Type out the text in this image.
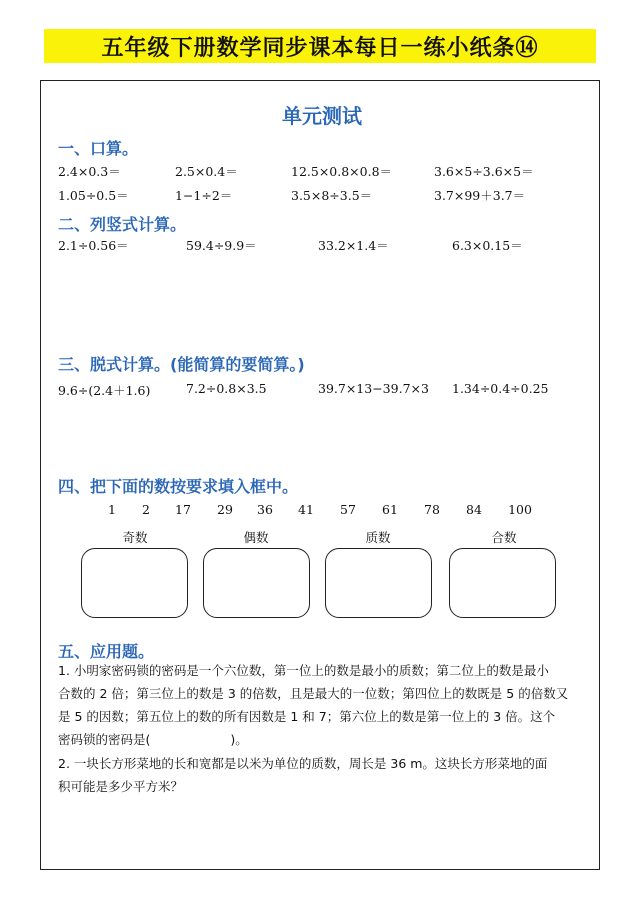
五年级下册数学同步课本每日一练小纸条⑭
单元测试
一、口算。
2.4×0.3＝	2.5×0.4＝	12.5×0.8×0.8＝	3.6×5÷3.6×5＝
1.05÷0.5＝	1−1÷2＝	3.5×8÷3.5＝	3.7×99＋3.7＝
二、列竖式计算。
2.1÷0.56＝	59.4÷9.9＝	33.2×1.4＝	6.3×0.15＝
三、脱式计算。(能简算的要简算。)
9.6÷(2.4＋1.6)	7.2÷0.8×3.5	39.7×13−39.7×3 1.34÷0.4÷0.25
四、把下面的数按要求填入框中。
1 2 17 29 36 41 57 61 78 84 100
奇数	偶数	质数	合数
五、应用题。
1. 小明家密码锁的密码是一个六位数，第一位上的数是最小的质数；第二位上的数是最小
合数的 2 倍；第三位上的数是 3 的倍数，且是最大的一位数；第四位上的数既是 5 的倍数又
是 5 的因数；第五位上的数的所有因数是 1 和 7；第六位上的数是第一位上的 3 倍。这个
密码锁的密码是(	)。
2. 一块长方形菜地的长和宽都是以米为单位的质数，周长是 36 m。这块长方形菜地的面
积可能是多少平方米？
